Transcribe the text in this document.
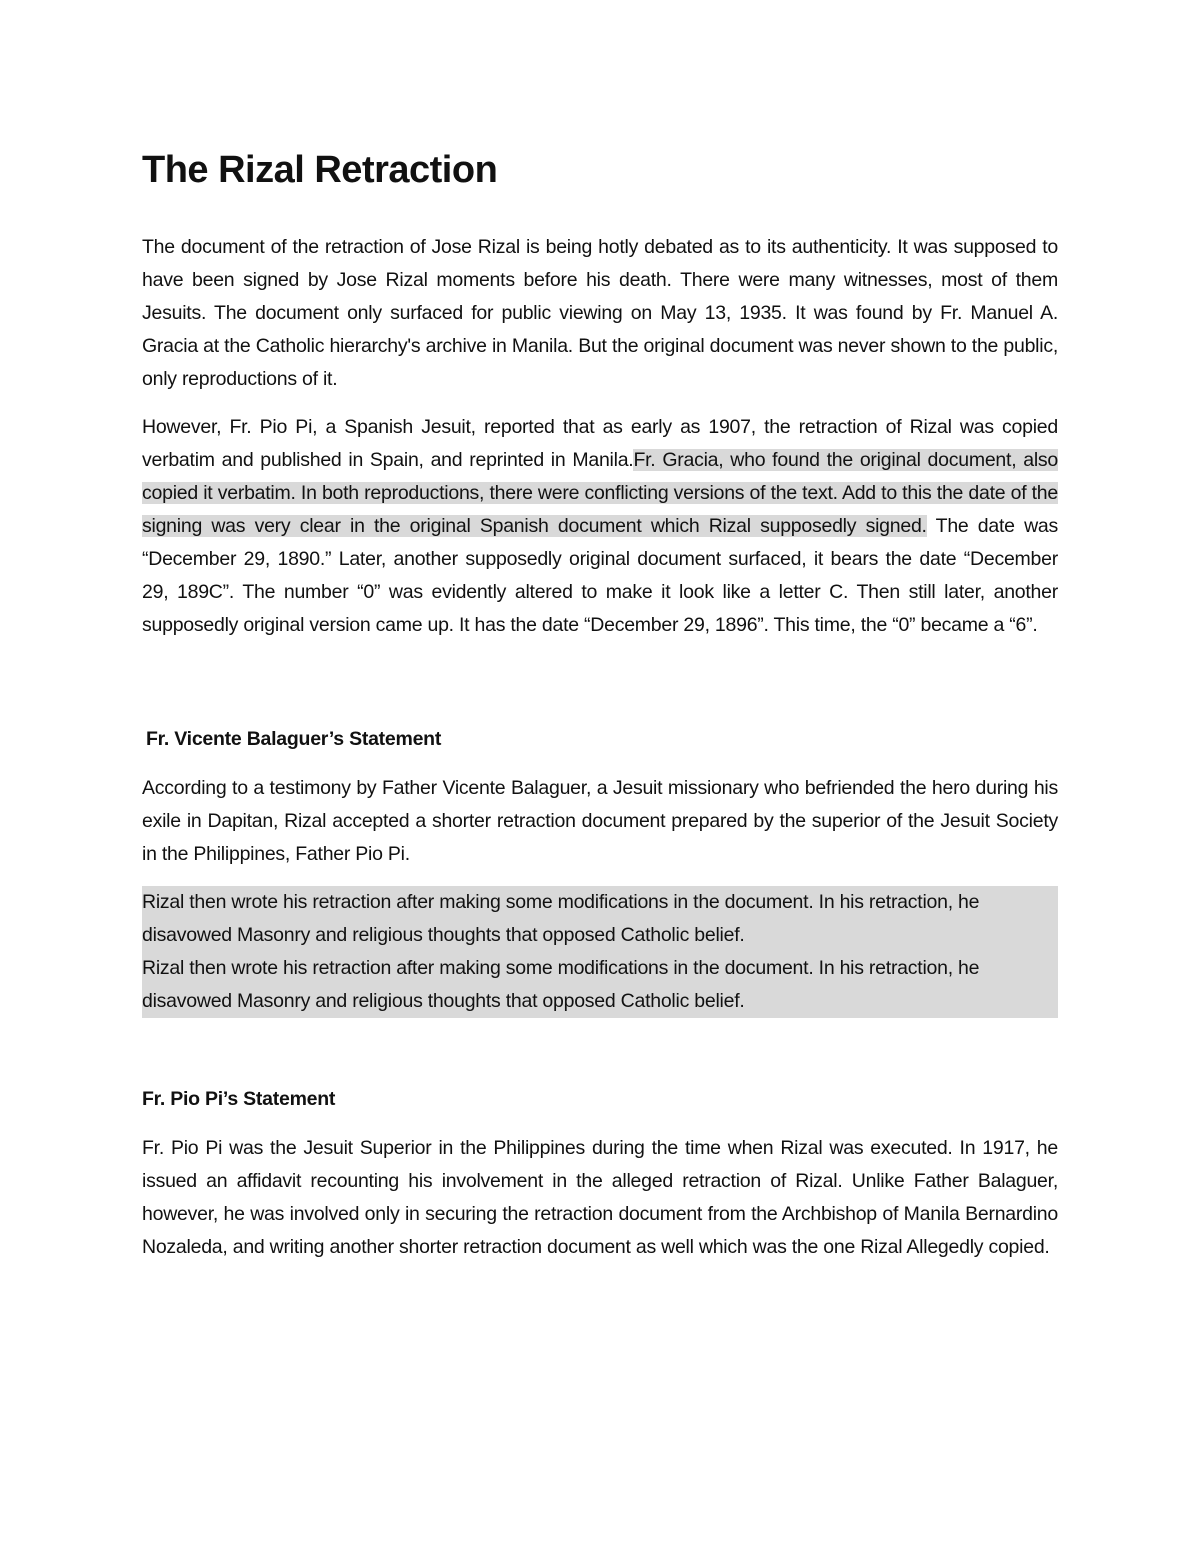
The Rizal Retraction

The document of the retraction of Jose Rizal is being hotly debated as to its authenticity. It was supposed to have been signed by Jose Rizal moments before his death. There were many witnesses, most of them Jesuits. The document only surfaced for public viewing on May 13, 1935. It was found by Fr. Manuel A. Gracia at the Catholic hierarchy's archive in Manila. But the original document was never shown to the public, only reproductions of it.

However, Fr. Pio Pi, a Spanish Jesuit, reported that as early as 1907, the retraction of Rizal was copied verbatim and published in Spain, and reprinted in Manila.Fr. Gracia, who found the original document, also copied it verbatim. In both reproductions, there were conflicting versions of the text. Add to this the date of the signing was very clear in the original Spanish document which Rizal supposedly signed. The date was “December 29, 1890.” Later, another supposedly original document surfaced, it bears the date “December 29, 189C”. The number “0” was evidently altered to make it look like a letter C. Then still later, another supposedly original version came up. It has the date “December 29, 1896”. This time, the “0” became a “6”.

Fr. Vicente Balaguer’s Statement

According to a testimony by Father Vicente Balaguer, a Jesuit missionary who befriended the hero during his exile in Dapitan, Rizal accepted a shorter retraction document prepared by the superior of the Jesuit Society in the Philippines, Father Pio Pi.

Rizal then wrote his retraction after making some modifications in the document. In his retraction, he disavowed Masonry and religious thoughts that opposed Catholic belief.
Rizal then wrote his retraction after making some modifications in the document. In his retraction, he disavowed Masonry and religious thoughts that opposed Catholic belief.
Fr. Pio Pi’s Statement

Fr. Pio Pi was the Jesuit Superior in the Philippines during the time when Rizal was executed. In 1917, he issued an affidavit recounting his involvement in the alleged retraction of Rizal. Unlike Father Balaguer, however, he was involved only in securing the retraction document from the Archbishop of Manila Bernardino Nozaleda, and writing another shorter retraction document as well which was the one Rizal Allegedly copied.
